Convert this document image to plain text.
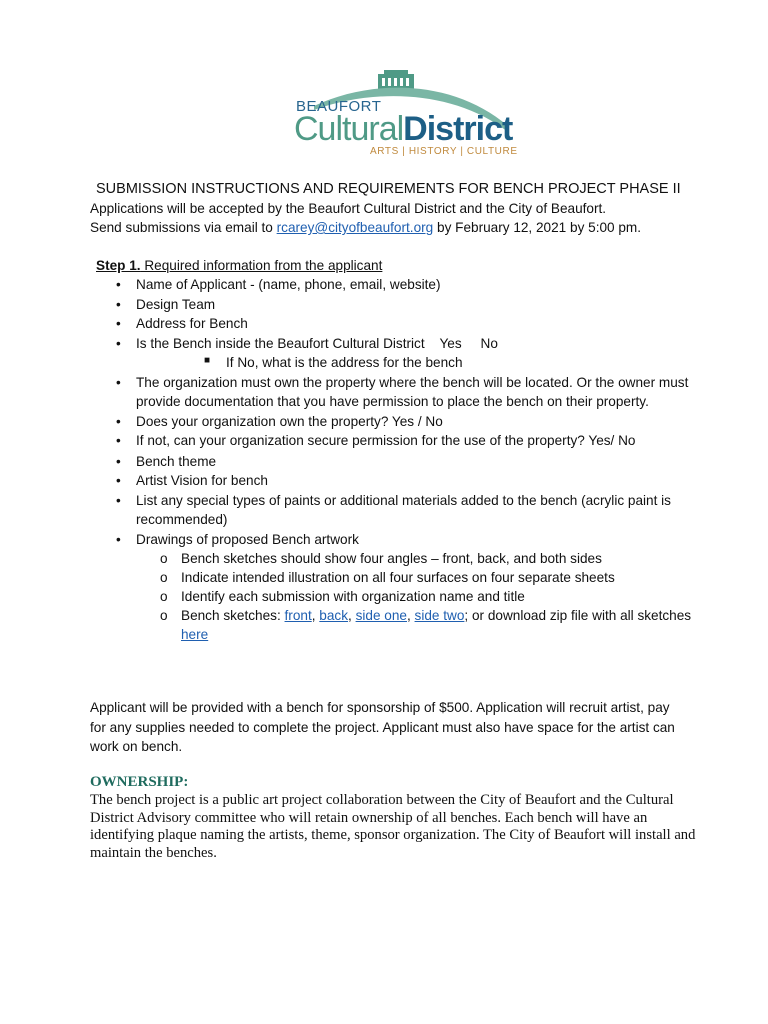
BEAUFORT
CulturalDistrict
ARTS | HISTORY | CULTURE
SUBMISSION INSTRUCTIONS AND REQUIREMENTS FOR BENCH PROJECT PHASE II
Applications will be accepted by the Beaufort Cultural District and the City of Beaufort.
Send submissions via email to rcarey@cityofbeaufort.org by February 12, 2021 by 5:00 pm.
Step 1. Required information from the applicant
• Name of Applicant - (name, phone, email, website)
• Design Team
• Address for Bench
• Is the Bench inside the Beaufort Cultural District    Yes     No
■ If No, what is the address for the bench
• The organization must own the property where the bench will be located. Or the owner must
provide documentation that you have permission to place the bench on their property.
• Does your organization own the property? Yes / No
• If not, can your organization secure permission for the use of the property? Yes/ No
• Bench theme
• Artist Vision for bench
• List any special types of paints or additional materials added to the bench (acrylic paint is
recommended)
• Drawings of proposed Bench artwork
o Bench sketches should show four angles – front, back, and both sides
o Indicate intended illustration on all four surfaces on four separate sheets
o Identify each submission with organization name and title
o Bench sketches: front, back, side one, side two; or download zip file with all sketches
here
Applicant will be provided with a bench for sponsorship of $500. Application will recruit artist, pay
for any supplies needed to complete the project. Applicant must also have space for the artist can
work on bench.
OWNERSHIP:
The bench project is a public art project collaboration between the City of Beaufort and the Cultural District Advisory committee who will retain ownership of all benches. Each bench will have an identifying plaque naming the artists, theme, sponsor organization. The City of Beaufort will install and maintain the benches.
